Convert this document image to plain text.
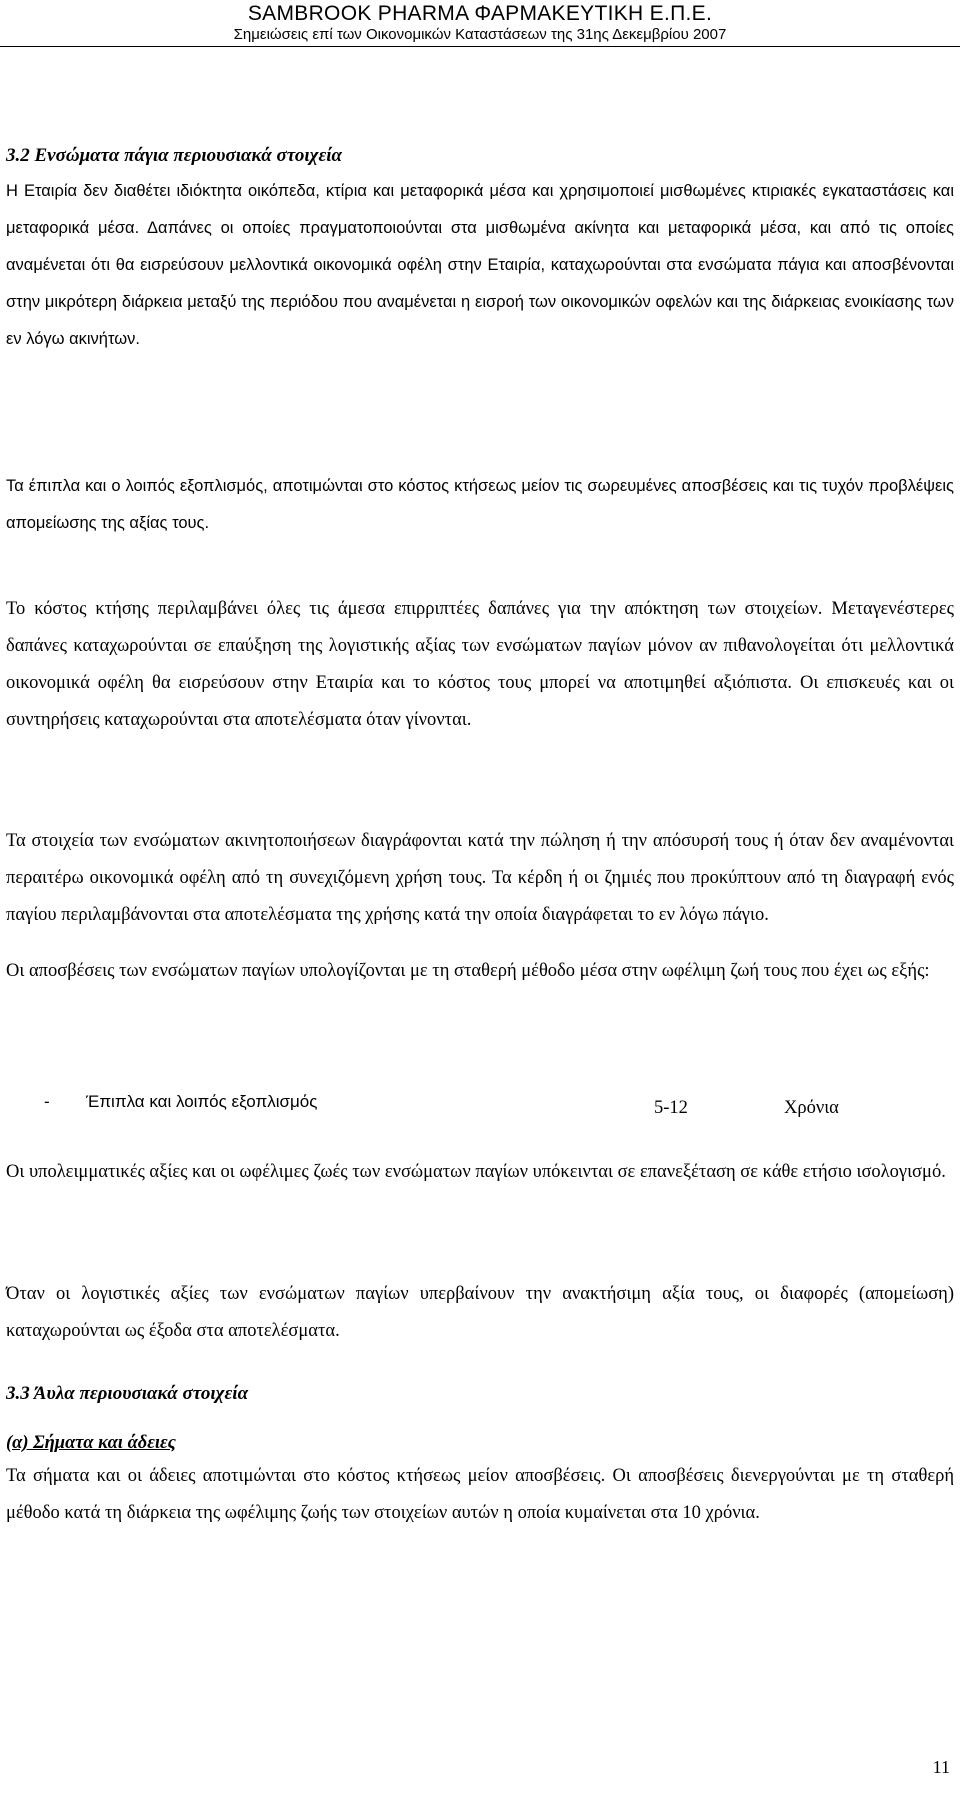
SAMBROOK PHARMA ΦΑΡΜΑΚΕΥΤΙΚΗ Ε.Π.Ε.
Σημειώσεις επί των Οικονομικών Καταστάσεων της 31ης Δεκεμβρίου 2007
3.2 Ενσώματα πάγια περιουσιακά στοιχεία
Η Εταιρία δεν διαθέτει ιδιόκτητα οικόπεδα, κτίρια και μεταφορικά μέσα και χρησιμοποιεί μισθωμένες κτιριακές εγκαταστάσεις και μεταφορικά μέσα. Δαπάνες οι οποίες πραγματοποιούνται στα μισθωμένα ακίνητα και μεταφορικά μέσα, και από τις οποίες αναμένεται ότι θα εισρεύσουν μελλοντικά οικονομικά οφέλη στην Εταιρία, καταχωρούνται στα ενσώματα πάγια και αποσβένονται στην μικρότερη διάρκεια μεταξύ της περιόδου που αναμένεται η εισροή των οικονομικών οφελών και της διάρκειας ενοικίασης των εν λόγω ακινήτων.
Τα έπιπλα και ο λοιπός εξοπλισμός, αποτιμώνται στο κόστος κτήσεως μείον τις σωρευμένες αποσβέσεις και τις τυχόν προβλέψεις απομείωσης της αξίας τους.
Το κόστος κτήσης περιλαμβάνει όλες τις άμεσα επιρριπτέες δαπάνες για την απόκτηση των στοιχείων. Μεταγενέστερες δαπάνες καταχωρούνται σε επαύξηση της λογιστικής αξίας των ενσώματων παγίων μόνον αν πιθανολογείται ότι μελλοντικά οικονομικά οφέλη θα εισρεύσουν στην Εταιρία και το κόστος τους μπορεί να αποτιμηθεί αξιόπιστα. Οι επισκευές και οι συντηρήσεις καταχωρούνται στα αποτελέσματα όταν γίνονται.
Τα στοιχεία των ενσώματων ακινητοποιήσεων διαγράφονται κατά την πώληση ή την απόσυρσή τους ή όταν δεν αναμένονται περαιτέρω οικονομικά οφέλη από τη συνεχιζόμενη χρήση τους. Τα κέρδη ή οι ζημιές που προκύπτουν από τη διαγραφή ενός παγίου περιλαμβάνονται στα αποτελέσματα της χρήσης κατά την οποία διαγράφεται το εν λόγω πάγιο.
Οι αποσβέσεις των ενσώματων παγίων υπολογίζονται με τη σταθερή μέθοδο μέσα στην ωφέλιμη ζωή τους που έχει ως εξής:
- Έπιπλα και λοιπός εξοπλισμός	5-12	Χρόνια
Οι υπολειμματικές αξίες και οι ωφέλιμες ζωές των ενσώματων παγίων υπόκεινται σε επανεξέταση σε κάθε ετήσιο ισολογισμό.
Όταν οι λογιστικές αξίες των ενσώματων παγίων υπερβαίνουν την ανακτήσιμη αξία τους, οι διαφορές (απομείωση) καταχωρούνται ως έξοδα στα αποτελέσματα.
3.3 Άυλα περιουσιακά στοιχεία
(α) Σήματα και άδειες
Τα σήματα και οι άδειες αποτιμώνται στο κόστος κτήσεως μείον αποσβέσεις. Οι αποσβέσεις διενεργούνται με τη σταθερή μέθοδο κατά τη διάρκεια της ωφέλιμης ζωής των στοιχείων αυτών η οποία κυμαίνεται στα 10 χρόνια.
11
